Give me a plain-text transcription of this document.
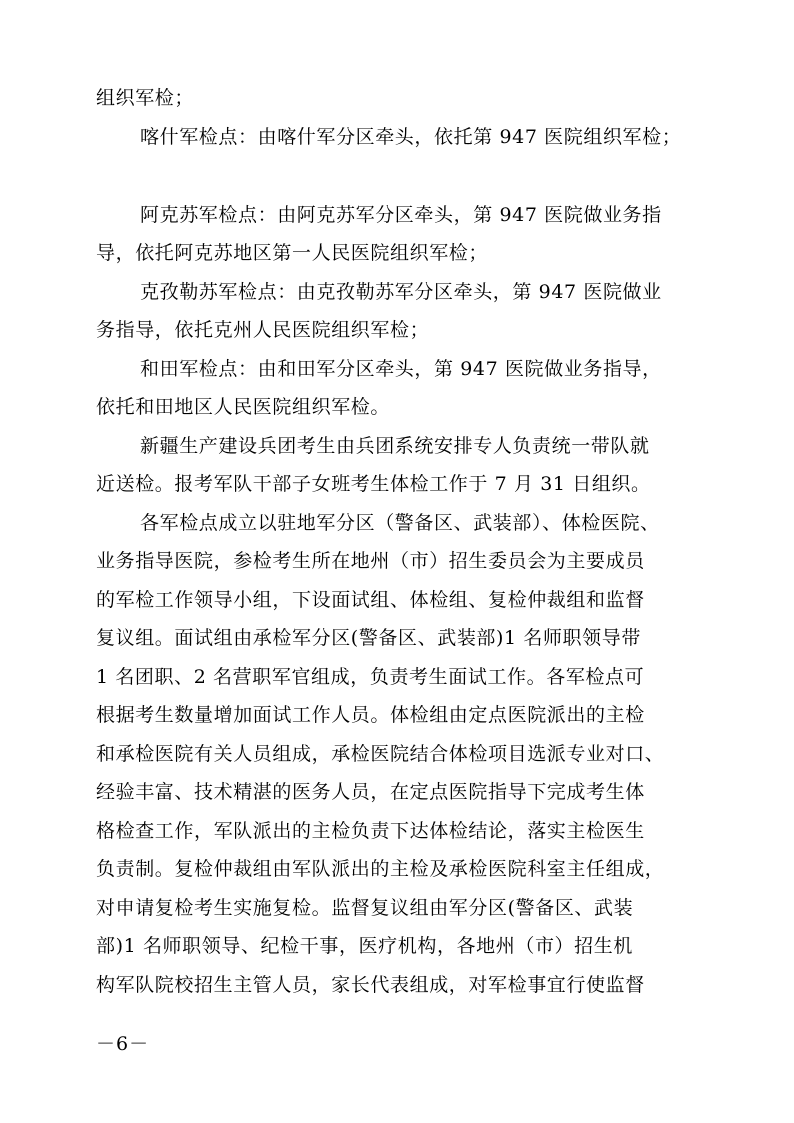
组织军检；
喀什军检点：由喀什军分区牵头，依托第 947 医院组织军检；
阿克苏军检点：由阿克苏军分区牵头，第 947 医院做业务指
导，依托阿克苏地区第一人民医院组织军检；
克孜勒苏军检点：由克孜勒苏军分区牵头，第 947 医院做业
务指导，依托克州人民医院组织军检；
和田军检点：由和田军分区牵头，第 947 医院做业务指导，
依托和田地区人民医院组织军检。
新疆生产建设兵团考生由兵团系统安排专人负责统一带队就
近送检。报考军队干部子女班考生体检工作于 7 月 31 日组织。
各军检点成立以驻地军分区（警备区、武装部）、体检医院、
业务指导医院，参检考生所在地州（市）招生委员会为主要成员
的军检工作领导小组，下设面试组、体检组、复检仲裁组和监督
复议组。面试组由承检军分区(警备区、武装部)1 名师职领导带
1 名团职、2 名营职军官组成，负责考生面试工作。各军检点可
根据考生数量增加面试工作人员。体检组由定点医院派出的主检
和承检医院有关人员组成，承检医院结合体检项目选派专业对口、
经验丰富、技术精湛的医务人员，在定点医院指导下完成考生体
格检查工作，军队派出的主检负责下达体检结论，落实主检医生
负责制。复检仲裁组由军队派出的主检及承检医院科室主任组成，
对申请复检考生实施复检。监督复议组由军分区(警备区、武装
部)1 名师职领导、纪检干事，医疗机构，各地州（市）招生机
构军队院校招生主管人员，家长代表组成，对军检事宜行使监督
－6－
